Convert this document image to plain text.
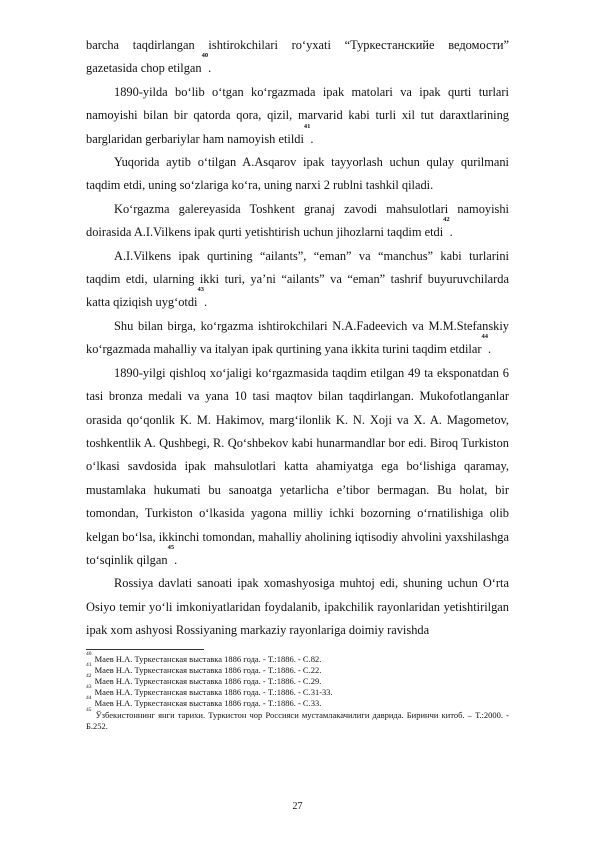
barcha taqdirlangan ishtirokchilari ro‘yxati “Туркестанскийе ведомости” gazetasida chop etilgan$^{40}$.

1890-yilda bo‘lib o‘tgan ko‘rgazmada ipak matolari va ipak qurti turlari namoyishi bilan bir qatorda qora, qizil, marvarid kabi turli xil tut daraxtlarining barglaridan gerbariylar ham namoyish etildi$^{41}$.

Yuqorida aytib o‘tilgan A.Asqarov ipak tayyorlash uchun qulay qurilmani taqdim etdi, uning so‘zlariga ko‘ra, uning narxi 2 rublni tashkil qiladi.

Ko‘rgazma galereyasida Toshkent granaj zavodi mahsulotlari namoyishi doirasida A.I.Vilkens ipak qurti yetishtirish uchun jihozlarni taqdim etdi$^{42}$.

A.I.Vilkens ipak qurtining “ailants”, “eman” va “manchus” kabi turlarini taqdim etdi, ularning ikki turi, ya’ni “ailants” va “eman” tashrif buyuruvchilarda katta qiziqish uyg‘otdi$^{43}$.

Shu bilan birga, ko‘rgazma ishtirokchilari N.A.Fadeevich va M.M.Stefanskiy ko‘rgazmada mahalliy va italyan ipak qurtining yana ikkita turini taqdim etdilar$^{44}$.

1890-yilgi qishloq xo‘jaligi ko‘rgazmasida taqdim etilgan 49 ta eksponatdan 6 tasi bronza medali va yana 10 tasi maqtov bilan taqdirlangan. Mukofotlanganlar orasida qo‘qonlik K. M. Hakimov, marg‘ilonlik K. N. Xoji va X. A. Magometov, toshkentlik A. Qushbegi, R. Qo‘shbekov kabi hunarmandlar bor edi. Biroq Turkiston o‘lkasi savdosida ipak mahsulotlari katta ahamiyatga ega bo‘lishiga qaramay, mustamlaka hukumati bu sanoatga yetarlicha e’tibor bermagan. Bu holat, bir tomondan, Turkiston o‘lkasida yagona milliy ichki bozorning o‘rnatilishiga olib kelgan bo‘lsa, ikkinchi tomondan, mahalliy aholining iqtisodiy ahvolini yaxshilashga to‘sqinlik qilgan$^{45}$.

Rossiya davlati sanoati ipak xomashyosiga muhtoj edi, shuning uchun O‘rta Osiyo temir yo‘li imkoniyatlaridan foydalanib, ipakchilik rayonlaridan yetishtirilgan ipak xom ashyosi Rossiyaning markaziy rayonlariga doimiy ravishda

$^{40}$ Маев Н.А. Туркестанская выставка 1886 года. - Т.:1886. - С.82.

$^{41}$ Маев Н.А. Туркестанская выставка 1886 года. - Т.:1886. - С.22.

$^{42}$ Маев Н.А. Туркестанская выставка 1886 года. - Т.:1886. - С.29.

$^{43}$ Маев Н.А. Туркестанская выставка 1886 года. - Т.:1886. - С.31-33.

$^{44}$ Маев Н.А. Туркестанская выставка 1886 года. - Т.:1886. - С.33.

$^{45}$ Ўзбекистоннинг янги тарихи. Туркистон чор Россияси мустамлакачилиги даврида. Биринчи китоб. – Т.:2000. - Б.252.

27
